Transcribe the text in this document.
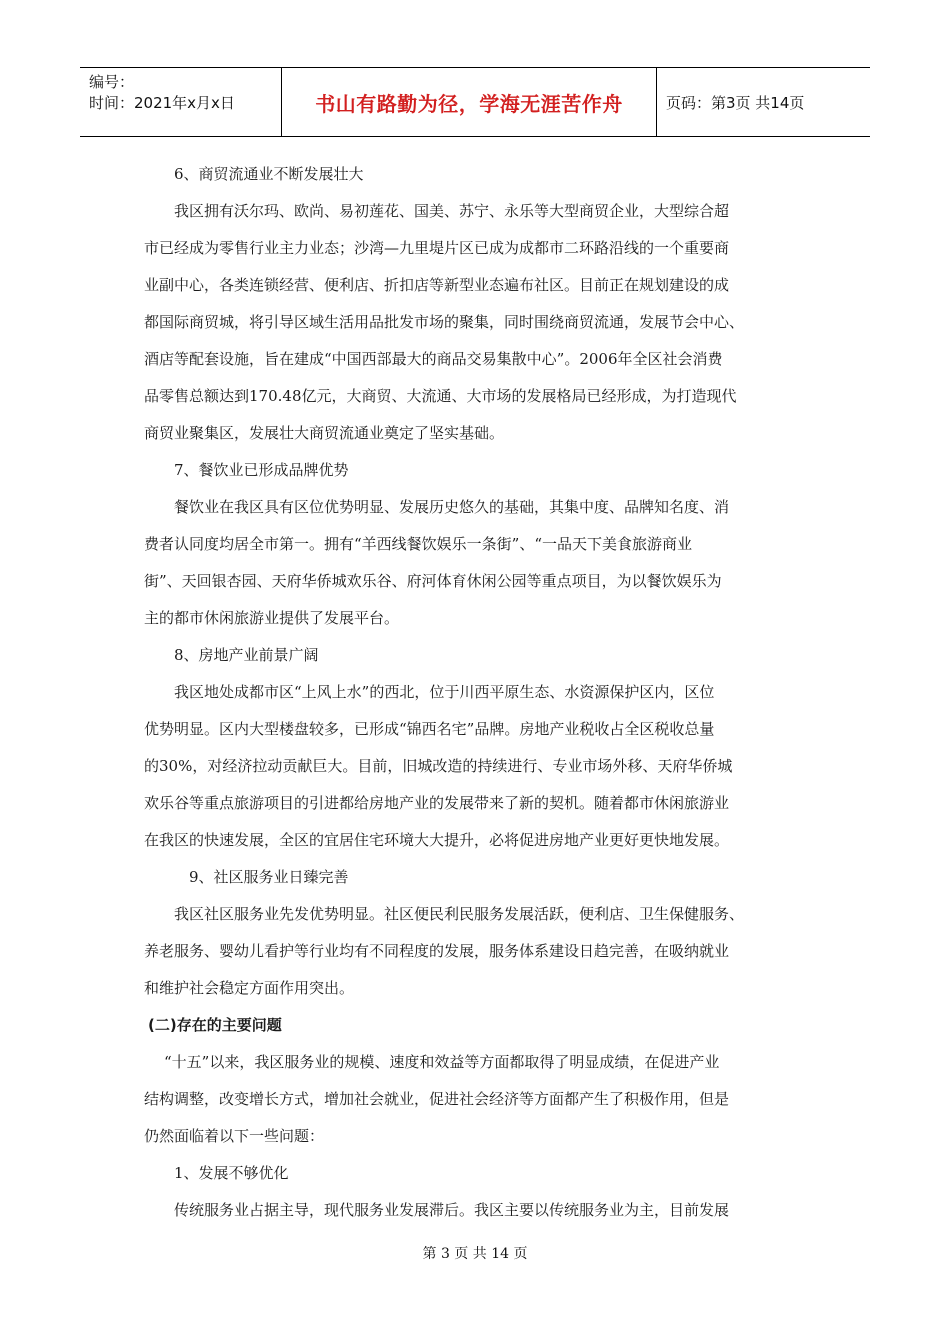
编号：
时间：2021年x月x日	书山有路勤为径，学海无涯苦作舟	页码：第3页 共14页
6、商贸流通业不断发展壮大
我区拥有沃尔玛、欧尚、易初莲花、国美、苏宁、永乐等大型商贸企业，大型综合超
市已经成为零售行业主力业态；沙湾—九里堤片区已成为成都市二环路沿线的一个重要商
业副中心，各类连锁经营、便利店、折扣店等新型业态遍布社区。目前正在规划建设的成
都国际商贸城，将引导区域生活用品批发市场的聚集，同时围绕商贸流通，发展节会中心、
酒店等配套设施，旨在建成“中国西部最大的商品交易集散中心”。2006年全区社会消费
品零售总额达到170.48亿元，大商贸、大流通、大市场的发展格局已经形成，为打造现代
商贸业聚集区，发展壮大商贸流通业奠定了坚实基础。
7、餐饮业已形成品牌优势
餐饮业在我区具有区位优势明显、发展历史悠久的基础，其集中度、品牌知名度、消
费者认同度均居全市第一。拥有“羊西线餐饮娱乐一条街”、“一品天下美食旅游商业
街”、天回银杏园、天府华侨城欢乐谷、府河体育休闲公园等重点项目，为以餐饮娱乐为
主的都市休闲旅游业提供了发展平台。
8、房地产业前景广阔
我区地处成都市区“上风上水”的西北，位于川西平原生态、水资源保护区内，区位
优势明显。区内大型楼盘较多，已形成“锦西名宅”品牌。房地产业税收占全区税收总量
的30%，对经济拉动贡献巨大。目前，旧城改造的持续进行、专业市场外移、天府华侨城
欢乐谷等重点旅游项目的引进都给房地产业的发展带来了新的契机。随着都市休闲旅游业
在我区的快速发展，全区的宜居住宅环境大大提升，必将促进房地产业更好更快地发展。
9、社区服务业日臻完善
我区社区服务业先发优势明显。社区便民利民服务发展活跃，便利店、卫生保健服务、
养老服务、婴幼儿看护等行业均有不同程度的发展，服务体系建设日趋完善，在吸纳就业
和维护社会稳定方面作用突出。
(二)存在的主要问题
“十五”以来，我区服务业的规模、速度和效益等方面都取得了明显成绩，在促进产业
结构调整，改变增长方式，增加社会就业，促进社会经济等方面都产生了积极作用，但是
仍然面临着以下一些问题：
1、发展不够优化
传统服务业占据主导，现代服务业发展滞后。我区主要以传统服务业为主，目前发展
第 3 页 共 14 页
